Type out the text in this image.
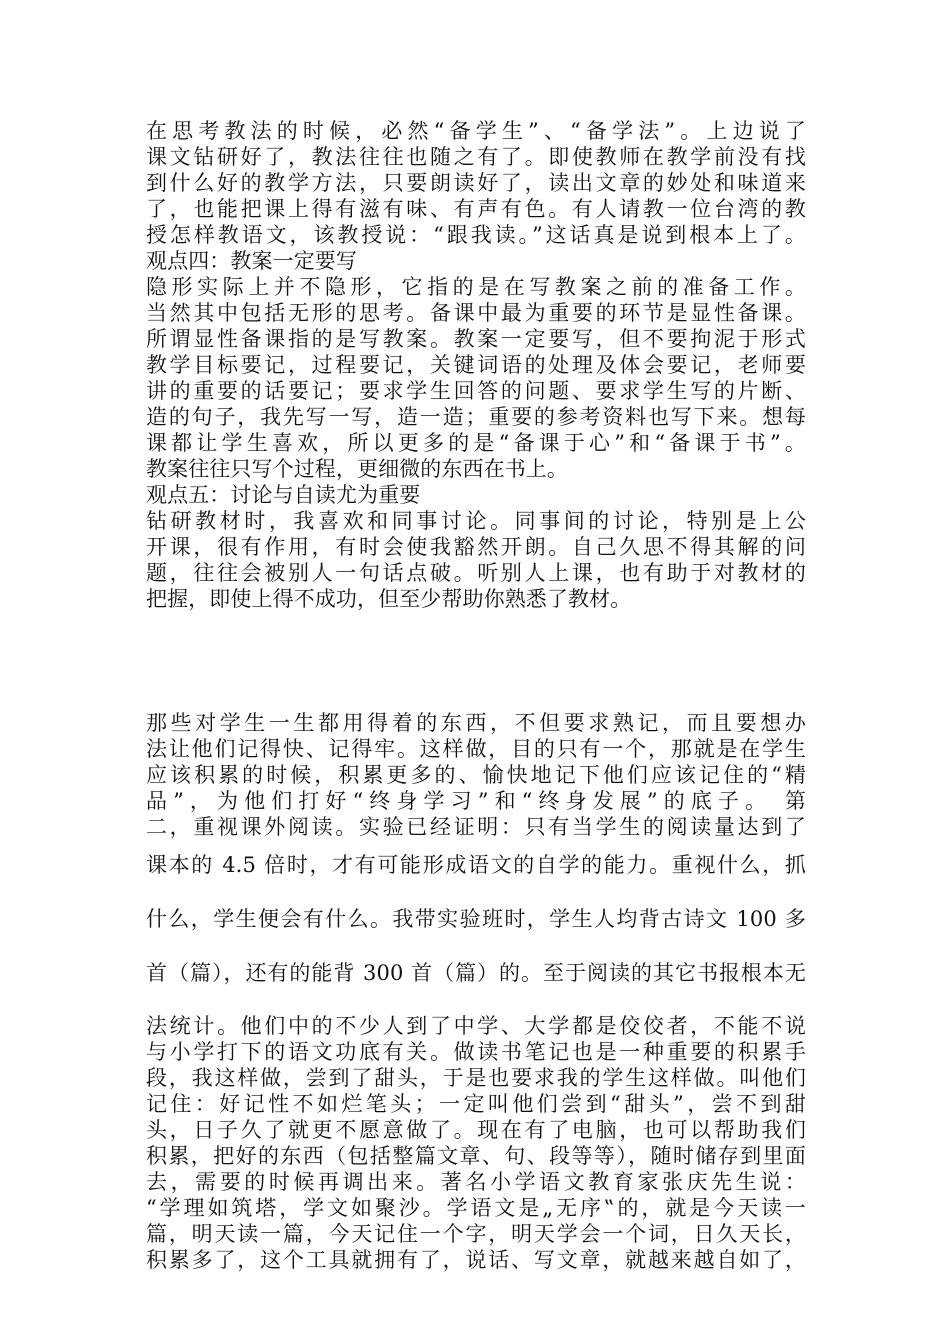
在思考教法的时候，必然“备学生”、“备学法”。上边说了

课文钻研好了，教法往往也随之有了。即使教师在教学前没有找

到什么好的教学方法，只要朗读好了，读出文章的妙处和味道来

了，也能把课上得有滋有味、有声有色。有人请教一位台湾的教

授怎样教语文，该教授说：“跟我读。”这话真是说到根本上了。

观点四：教案一定要写

隐形实际上并不隐形，它指的是在写教案之前的准备工作。

当然其中包括无形的思考。备课中最为重要的环节是显性备课。

所谓显性备课指的是写教案。教案一定要写，但不要拘泥于形式

教学目标要记，过程要记，关键词语的处理及体会要记，老师要

讲的重要的话要记；要求学生回答的问题、要求学生写的片断、

造的句子，我先写一写，造一造；重要的参考资料也写下来。想每

课都让学生喜欢，所以更多的是“备课于心”和“备课于书”。

教案往往只写个过程，更细微的东西在书上。

观点五：讨论与自读尤为重要

钻研教材时，我喜欢和同事讨论。同事间的讨论，特别是上公

开课，很有作用，有时会使我豁然开朗。自己久思不得其解的问

题，往往会被别人一句话点破。听别人上课，也有助于对教材的

把握，即使上得不成功，但至少帮助你熟悉了教材。

那些对学生一生都用得着的东西，不但要求熟记，而且要想办

法让他们记得快、记得牢。这样做，目的只有一个，那就是在学生

应该积累的时候，积累更多的、愉快地记下他们应该记住的“精

品”，为他们打好“终身学习”和“终身发展”的底子。 第

二，重视课外阅读。实验已经证明：只有当学生的阅读量达到了

课本的 4.5 倍时，才有可能形成语文的自学的能力。重视什么，抓

什么，学生便会有什么。我带实验班时，学生人均背古诗文 100 多

首（篇），还有的能背 300 首（篇）的。至于阅读的其它书报根本无

法统计。他们中的不少人到了中学、大学都是佼佼者，不能不说

与小学打下的语文功底有关。做读书笔记也是一种重要的积累手

段，我这样做，尝到了甜头，于是也要求我的学生这样做。叫他们

记住：好记性不如烂笔头；一定叫他们尝到“甜头”，尝不到甜

头，日子久了就更不愿意做了。现在有了电脑，也可以帮助我们

积累，把好的东西（包括整篇文章、句、段等等），随时储存到里面

去，需要的时候再调出来。著名小学语文教育家张庆先生说：

“学理如筑塔，学文如聚沙。学语文是„无序‟的，就是今天读一

篇，明天读一篇，今天记住一个字，明天学会一个词，日久天长，

积累多了，这个工具就拥有了，说话、写文章，就越来越自如了，
